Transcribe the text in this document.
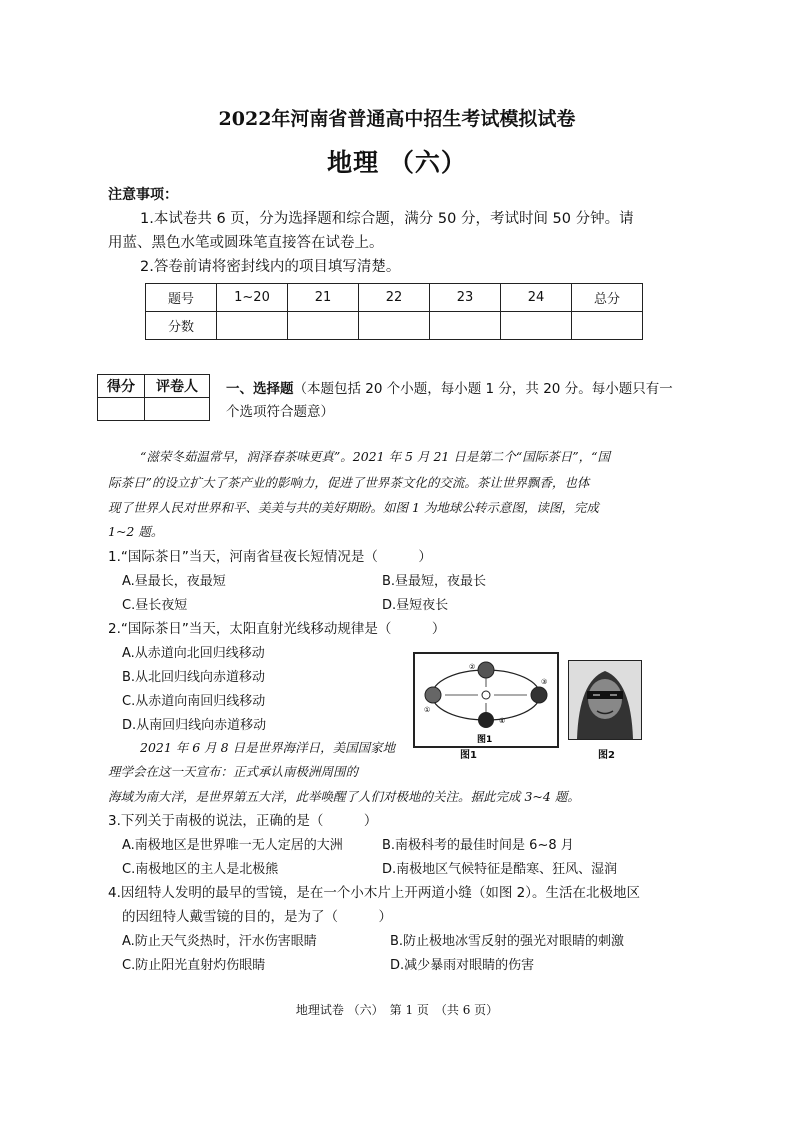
2022年河南省普通高中招生考试模拟试卷
地理 （六）
注意事项：
1.本试卷共 6 页，分为选择题和综合题，满分 50 分，考试时间 50 分钟。请
用蓝、黑色水笔或圆珠笔直接答在试卷上。
2.答卷前请将密封线内的项目填写清楚。
题号	1~20	21	22	23	24	总分
分数						
得分	评卷人
	一、选择题（本题包括 20 个小题，每小题 1 分，共 20 分。每小题只有一
个选项符合题意）
“滋荣冬茹温常早，润泽春茶味更真”。2021 年 5 月 21 日是第二个“国际茶日”，“国
际茶日”的设立扩大了茶产业的影响力，促进了世界茶文化的交流。茶让世界飘香，也体
现了世界人民对世界和平、美美与共的美好期盼。如图 1 为地球公转示意图，读图，完成
1~2 题。
1.“国际茶日”当天，河南省昼夜长短情况是（　　　）
A.昼最长，夜最短	B.昼最短，夜最长
C.昼长夜短	D.昼短夜长
2.“国际茶日”当天，太阳直射光线移动规律是（　　　）
A.从赤道向北回归线移动
B.从北回归线向赤道移动
C.从赤道向南回归线移动
D.从南回归线向赤道移动
②
④
①
③
图1
图1	图2
2021 年 6 月 8 日是世界海洋日，美国国家地
理学会在这一天宣布：正式承认南极洲周围的
海域为南大洋，是世界第五大洋，此举唤醒了人们对极地的关注。据此完成 3~4 题。
3.下列关于南极的说法，正确的是（　　　）
A.南极地区是世界唯一无人定居的大洲	B.南极科考的最佳时间是 6~8 月
C.南极地区的主人是北极熊	D.南极地区气候特征是酷寒、狂风、湿润
4.因纽特人发明的最早的雪镜，是在一个小木片上开两道小缝（如图 2）。生活在北极地区
的因纽特人戴雪镜的目的，是为了（　　　）
A.防止天气炎热时，汗水伤害眼睛	B.防止极地冰雪反射的强光对眼睛的刺激
C.防止阳光直射灼伤眼睛	D.减少暴雨对眼睛的伤害
地理试卷 （六）　第 1 页　（共 6 页）
